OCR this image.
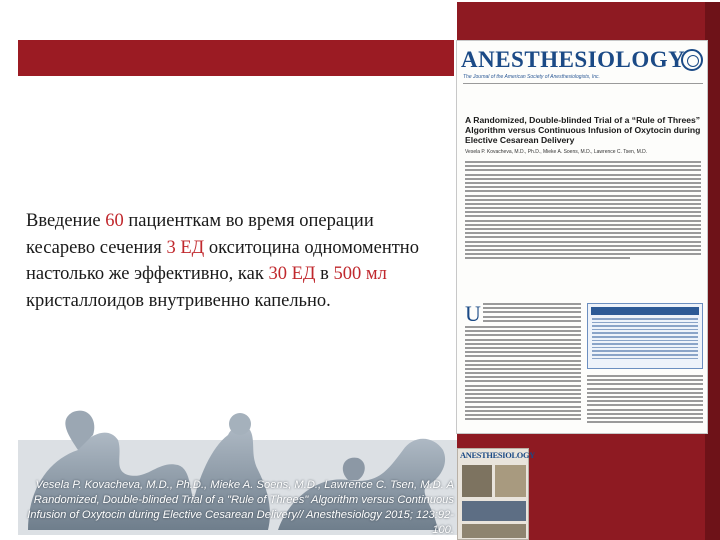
Введение 60 пациенткам во время операции кесарево сечения 3 ЕД окситоцина одномоментно настолько же эффективно, как 30 ЕД в 500 мл кристаллоидов внутривенно капельно.
Vesela P. Kovacheva, M.D., Ph.D., Mieke A. Soens, M.D., Lawrence C. Tsen, M.D. A Randomized, Double-blinded Trial of a "Rule of Threes" Algorithm versus Continuous Infusion of Oxytocin during Elective Cesarean Delivery// Anesthesiology 2015; 123:92-100.
ANESTHESIOLOGY
The Journal of the American Society of Anesthesiologists, Inc.
A Randomized, Double-blinded Trial of a “Rule of Threes” Algorithm versus Continuous Infusion of Oxytocin during Elective Cesarean Delivery
Vesela P. Kovacheva, M.D., Ph.D., Mieke A. Soens, M.D., Lawrence C. Tsen, M.D.
U
ANESTHESIOLOGY
